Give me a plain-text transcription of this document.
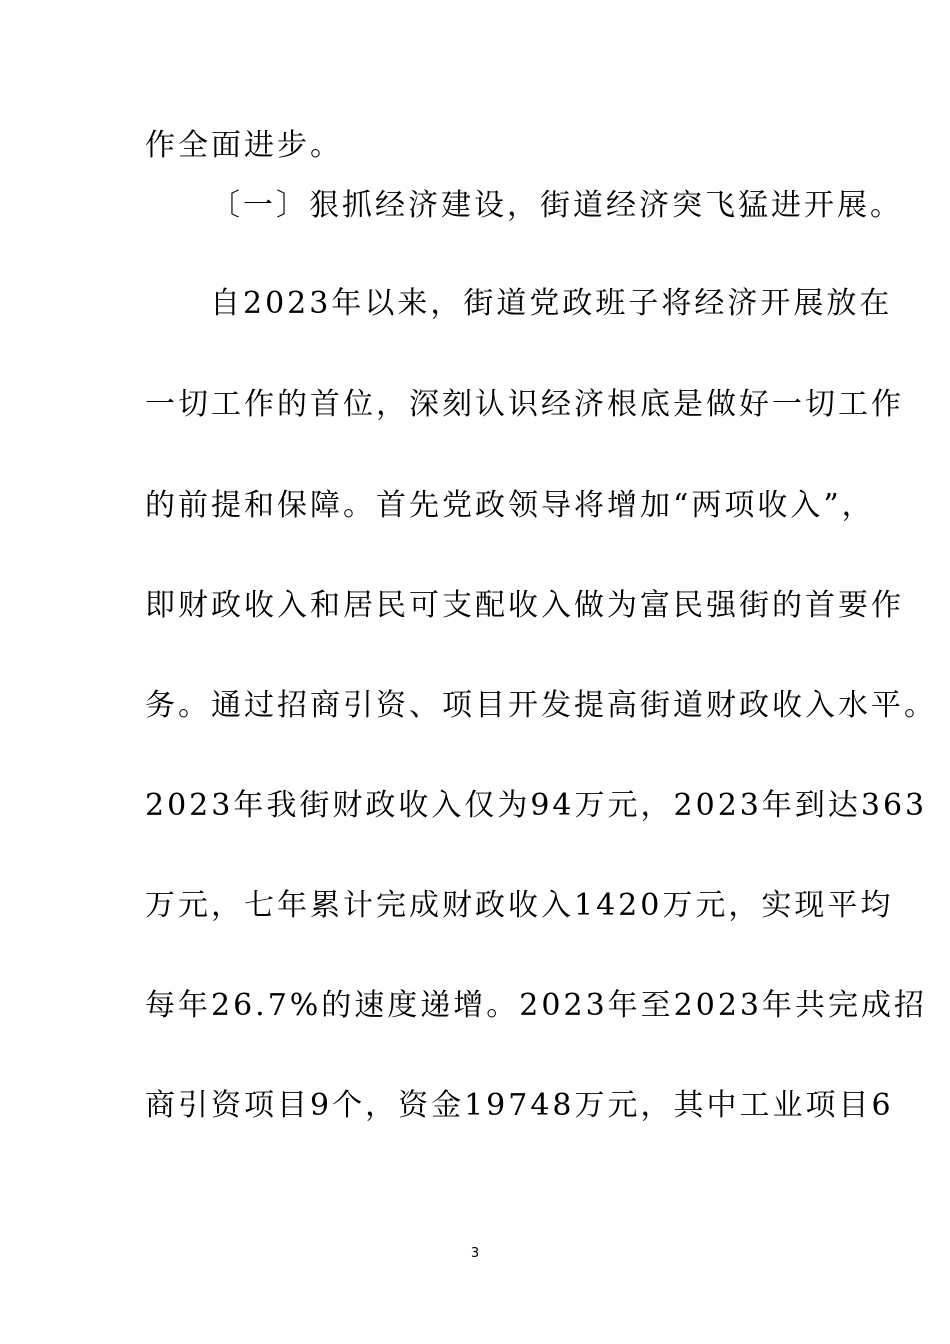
作全面进步。
〔一〕狠抓经济建设，街道经济突飞猛进开展。
自2023年以来，街道党政班子将经济开展放在
一切工作的首位，深刻认识经济根底是做好一切工作
的前提和保障。首先党政领导将增加“两项收入”，
即财政收入和居民可支配收入做为富民强街的首要作
务。通过招商引资、项目开发提高街道财政收入水平。
2023年我街财政收入仅为94万元，2023年到达363
万元，七年累计完成财政收入1420万元，实现平均
每年26.7%的速度递增。2023年至2023年共完成招
商引资项目9个，资金19748万元，其中工业项目6
3
